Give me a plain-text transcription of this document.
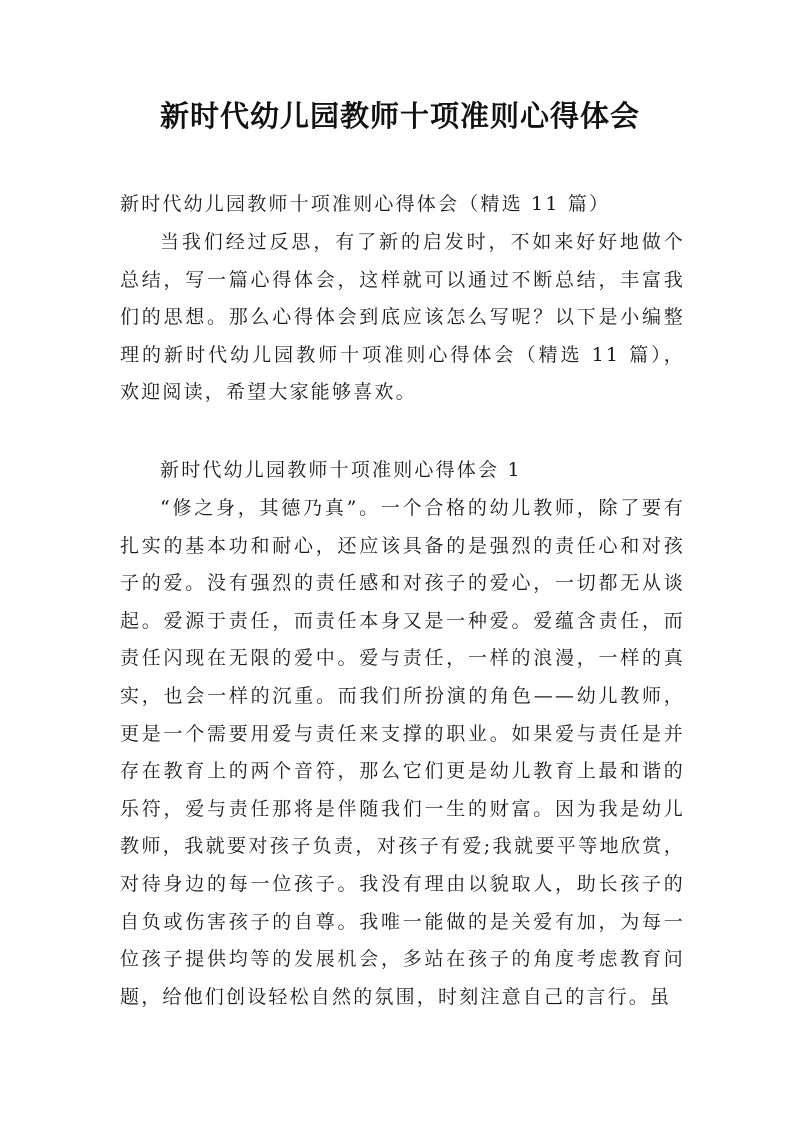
新时代幼儿园教师十项准则心得体会

新时代幼儿园教师十项准则心得体会（精选 11 篇）

当我们经过反思，有了新的启发时，不如来好好地做个总结，写一篇心得体会，这样就可以通过不断总结，丰富我们的思想。那么心得体会到底应该怎么写呢？以下是小编整理的新时代幼儿园教师十项准则心得体会（精选 11 篇），欢迎阅读，希望大家能够喜欢。

新时代幼儿园教师十项准则心得体会 1

“修之身，其德乃真”。一个合格的幼儿教师，除了要有扎实的基本功和耐心，还应该具备的是强烈的责任心和对孩子的爱。没有强烈的责任感和对孩子的爱心，一切都无从谈起。爱源于责任，而责任本身又是一种爱。爱蕴含责任，而责任闪现在无限的爱中。爱与责任，一样的浪漫，一样的真实，也会一样的沉重。而我们所扮演的角色——幼儿教师，更是一个需要用爱与责任来支撑的职业。如果爱与责任是并存在教育上的两个音符，那么它们更是幼儿教育上最和谐的乐符，爱与责任那将是伴随我们一生的财富。因为我是幼儿教师，我就要对孩子负责，对孩子有爱;我就要平等地欣赏，对待身边的每一位孩子。我没有理由以貌取人，助长孩子的自负或伤害孩子的自尊。我唯一能做的是关爱有加，为每一位孩子提供均等的发展机会，多站在孩子的角度考虑教育问题，给他们创设轻松自然的氛围，时刻注意自己的言行。虽
